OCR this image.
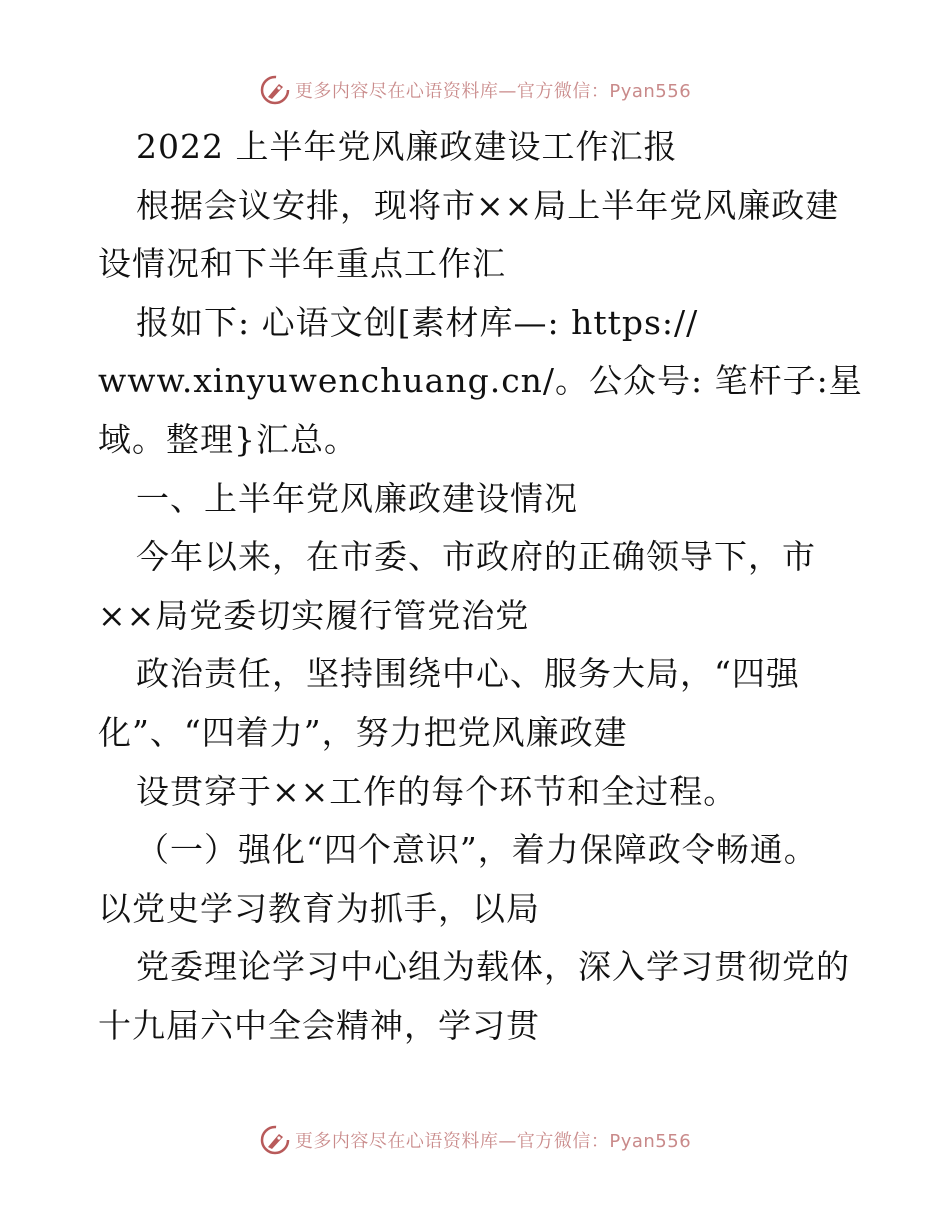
更多内容尽在心语资料库—官方微信：Pyan556
2022 上半年党风廉政建设工作汇报
根据会议安排，现将市××局上半年党风廉政建
设情况和下半年重点工作汇
报如下: 心语文创[素材库—: https://
www.xinyuwenchuang.cn/。公众号: 笔杆子:星
域。整理}汇总。
一、上半年党风廉政建设情况
今年以来，在市委、市政府的正确领导下，市
××局党委切实履行管党治党
政治责任，坚持围绕中心、服务大局，“四强
化”、“四着力”，努力把党风廉政建
设贯穿于××工作的每个环节和全过程。
（一）强化“四个意识”，着力保障政令畅通。
以党史学习教育为抓手，以局
党委理论学习中心组为载体，深入学习贯彻党的
十九届六中全会精神，学习贯
更多内容尽在心语资料库—官方微信：Pyan556
